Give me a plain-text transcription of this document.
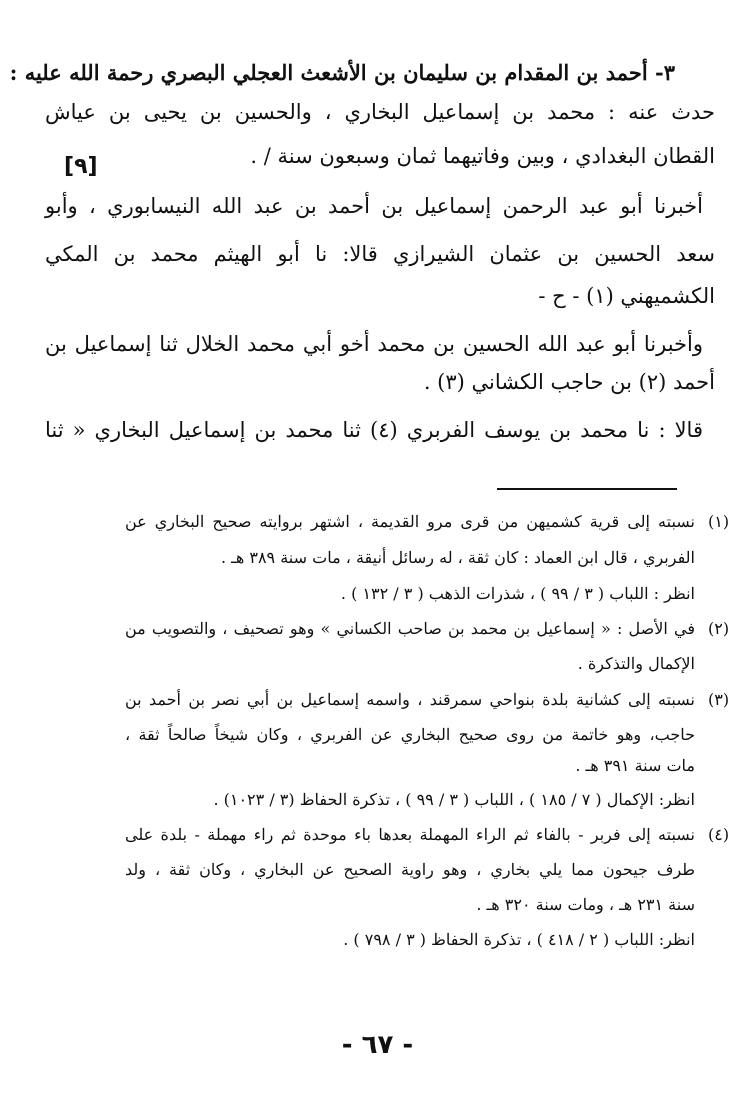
٣- أحمد بن المقدام بن سليمان بن الأشعث العجلي البصري رحمة الله عليه :
[٩]
حدث عنه : محمد بن إسماعيل البخاري ، والحسين بن يحيى بن عياش
القطان البغدادي ، وبين وفاتيهما ثمان وسبعون سنة / .
أخبرنا أبو عبد الرحمن إسماعيل بن أحمد بن عبد الله النيسابوري ، وأبو
سعد الحسين بن عثمان الشيرازي قالا: نا أبو الهيثم محمد بن المكي
الكشميهني (١) - ح -
وأخبرنا أبو عبد الله الحسين بن محمد أخو أبي محمد الخلال ثنا إسماعيل بن
أحمد (٢) بن حاجب الكشاني (٣) .
قالا : نا محمد بن يوسف الفربري (٤) ثنا محمد بن إسماعيل البخاري « ثنا
(١)
نسبته إلى قرية كشميهن من قرى مرو القديمة ، اشتهر بروايته صحيح البخاري عن
الفربري ، قال ابن العماد : كان ثقة ، له رسائل أنيقة ، مات سنة ٣٨٩ هـ .
انظر : اللباب ( ٣ / ٩٩ ) ، شذرات الذهب ( ٣ / ١٣٢ ) .
(٢)
في الأصل : « إسماعيل بن محمد بن صاحب الكساني » وهو تصحيف ، والتصويب من
الإكمال والتذكرة .
(٣)
نسبته إلى كشانية بلدة بنواحي سمرقند ، واسمه إسماعيل بن أبي نصر بن أحمد بن
حاجب، وهو خاتمة من روى صحيح البخاري عن الفربري ، وكان شيخاً صالحاً ثقة ،
مات سنة ٣٩١ هـ .
انظر: الإكمال ( ٧ / ١٨٥ ) ، اللباب ( ٣ / ٩٩ ) ، تذكرة الحفاظ (٣ / ١٠٢٣) .
(٤)
نسبته إلى فربر - بالفاء ثم الراء المهملة بعدها باء موحدة ثم راء مهملة - بلدة على
طرف جيحون مما يلي بخاري ، وهو راوية الصحيح عن البخاري ، وكان ثقة ، ولد
سنة ٢٣١ هـ ، ومات سنة ٣٢٠ هـ .
انظر: اللباب ( ٢ / ٤١٨ ) ، تذكرة الحفاظ ( ٣ / ٧٩٨ ) .
- ٦٧ -
